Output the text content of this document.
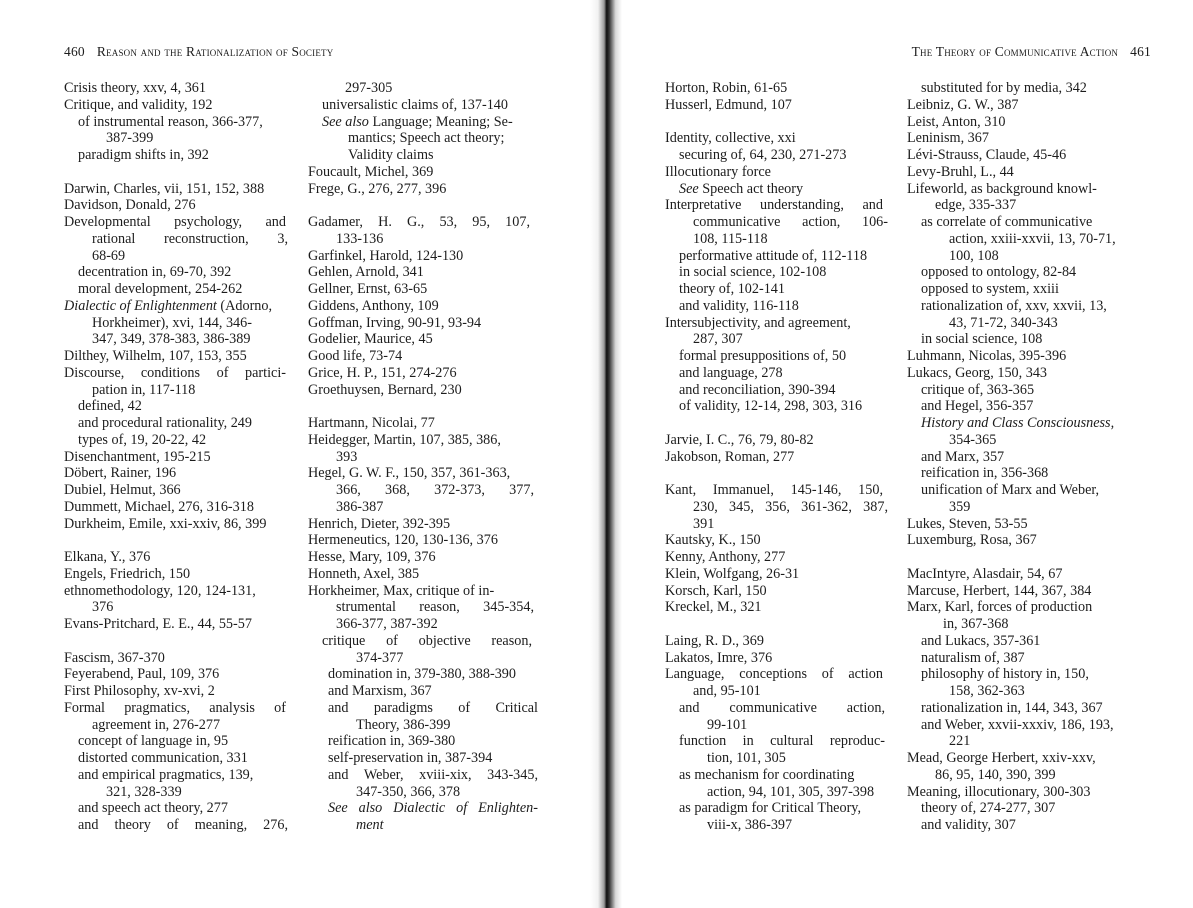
460 Reason and the Rationalization of Society
Crisis theory, xxv, 4, 361
Critique, and validity, 192
of instrumental reason, 366-377,
387-399
paradigm shifts in, 392
Darwin, Charles, vii, 151, 152, 388
Davidson, Donald, 276
Developmental psychology, and
rational reconstruction, 3,
68-69
decentration in, 69-70, 392
moral development, 254-262
Dialectic of Enlightenment (Adorno,
Horkheimer), xvi, 144, 346-
347, 349, 378-383, 386-389
Dilthey, Wilhelm, 107, 153, 355
Discourse, conditions of partici-
pation in, 117-118
defined, 42
and procedural rationality, 249
types of, 19, 20-22, 42
Disenchantment, 195-215
Döbert, Rainer, 196
Dubiel, Helmut, 366
Dummett, Michael, 276, 316-318
Durkheim, Emile, xxi-xxiv, 86, 399
Elkana, Y., 376
Engels, Friedrich, 150
ethnomethodology, 120, 124-131,
376
Evans-Pritchard, E. E., 44, 55-57
Fascism, 367-370
Feyerabend, Paul, 109, 376
First Philosophy, xv-xvi, 2
Formal pragmatics, analysis of
agreement in, 276-277
concept of language in, 95
distorted communication, 331
and empirical pragmatics, 139,
321, 328-339
and speech act theory, 277
and theory of meaning, 276,
297-305
universalistic claims of, 137-140
See also Language; Meaning; Se-
mantics; Speech act theory;
Validity claims
Foucault, Michel, 369
Frege, G., 276, 277, 396
Gadamer, H. G., 53, 95, 107,
133-136
Garfinkel, Harold, 124-130
Gehlen, Arnold, 341
Gellner, Ernst, 63-65
Giddens, Anthony, 109
Goffman, Irving, 90-91, 93-94
Godelier, Maurice, 45
Good life, 73-74
Grice, H. P., 151, 274-276
Groethuysen, Bernard, 230
Hartmann, Nicolai, 77
Heidegger, Martin, 107, 385, 386,
393
Hegel, G. W. F., 150, 357, 361-363,
366, 368, 372-373, 377,
386-387
Henrich, Dieter, 392-395
Hermeneutics, 120, 130-136, 376
Hesse, Mary, 109, 376
Honneth, Axel, 385
Horkheimer, Max, critique of in-
strumental reason, 345-354,
366-377, 387-392
critique of objective reason,
374-377
domination in, 379-380, 388-390
and Marxism, 367
and paradigms of Critical
Theory, 386-399
reification in, 369-380
self-preservation in, 387-394
and Weber, xviii-xix, 343-345,
347-350, 366, 378
See also Dialectic of Enlighten-
ment
The Theory of Communicative Action 461
Horton, Robin, 61-65
Husserl, Edmund, 107
Identity, collective, xxi
securing of, 64, 230, 271-273
Illocutionary force
See Speech act theory
Interpretative understanding, and
communicative action, 106-
108, 115-118
performative attitude of, 112-118
in social science, 102-108
theory of, 102-141
and validity, 116-118
Intersubjectivity, and agreement,
287, 307
formal presuppositions of, 50
and language, 278
and reconciliation, 390-394
of validity, 12-14, 298, 303, 316
Jarvie, I. C., 76, 79, 80-82
Jakobson, Roman, 277
Kant, Immanuel, 145-146, 150,
230, 345, 356, 361-362, 387,
391
Kautsky, K., 150
Kenny, Anthony, 277
Klein, Wolfgang, 26-31
Korsch, Karl, 150
Kreckel, M., 321
Laing, R. D., 369
Lakatos, Imre, 376
Language, conceptions of action
and, 95-101
and communicative action,
99-101
function in cultural reproduc-
tion, 101, 305
as mechanism for coordinating
action, 94, 101, 305, 397-398
as paradigm for Critical Theory,
viii-x, 386-397
substituted for by media, 342
Leibniz, G. W., 387
Leist, Anton, 310
Leninism, 367
Lévi-Strauss, Claude, 45-46
Levy-Bruhl, L., 44
Lifeworld, as background knowl-
edge, 335-337
as correlate of communicative
action, xxiii-xxvii, 13, 70-71,
100, 108
opposed to ontology, 82-84
opposed to system, xxiii
rationalization of, xxv, xxvii, 13,
43, 71-72, 340-343
in social science, 108
Luhmann, Nicolas, 395-396
Lukacs, Georg, 150, 343
critique of, 363-365
and Hegel, 356-357
History and Class Consciousness,
354-365
and Marx, 357
reification in, 356-368
unification of Marx and Weber,
359
Lukes, Steven, 53-55
Luxemburg, Rosa, 367
MacIntyre, Alasdair, 54, 67
Marcuse, Herbert, 144, 367, 384
Marx, Karl, forces of production
in, 367-368
and Lukacs, 357-361
naturalism of, 387
philosophy of history in, 150,
158, 362-363
rationalization in, 144, 343, 367
and Weber, xxvii-xxxiv, 186, 193,
221
Mead, George Herbert, xxiv-xxv,
86, 95, 140, 390, 399
Meaning, illocutionary, 300-303
theory of, 274-277, 307
and validity, 307
